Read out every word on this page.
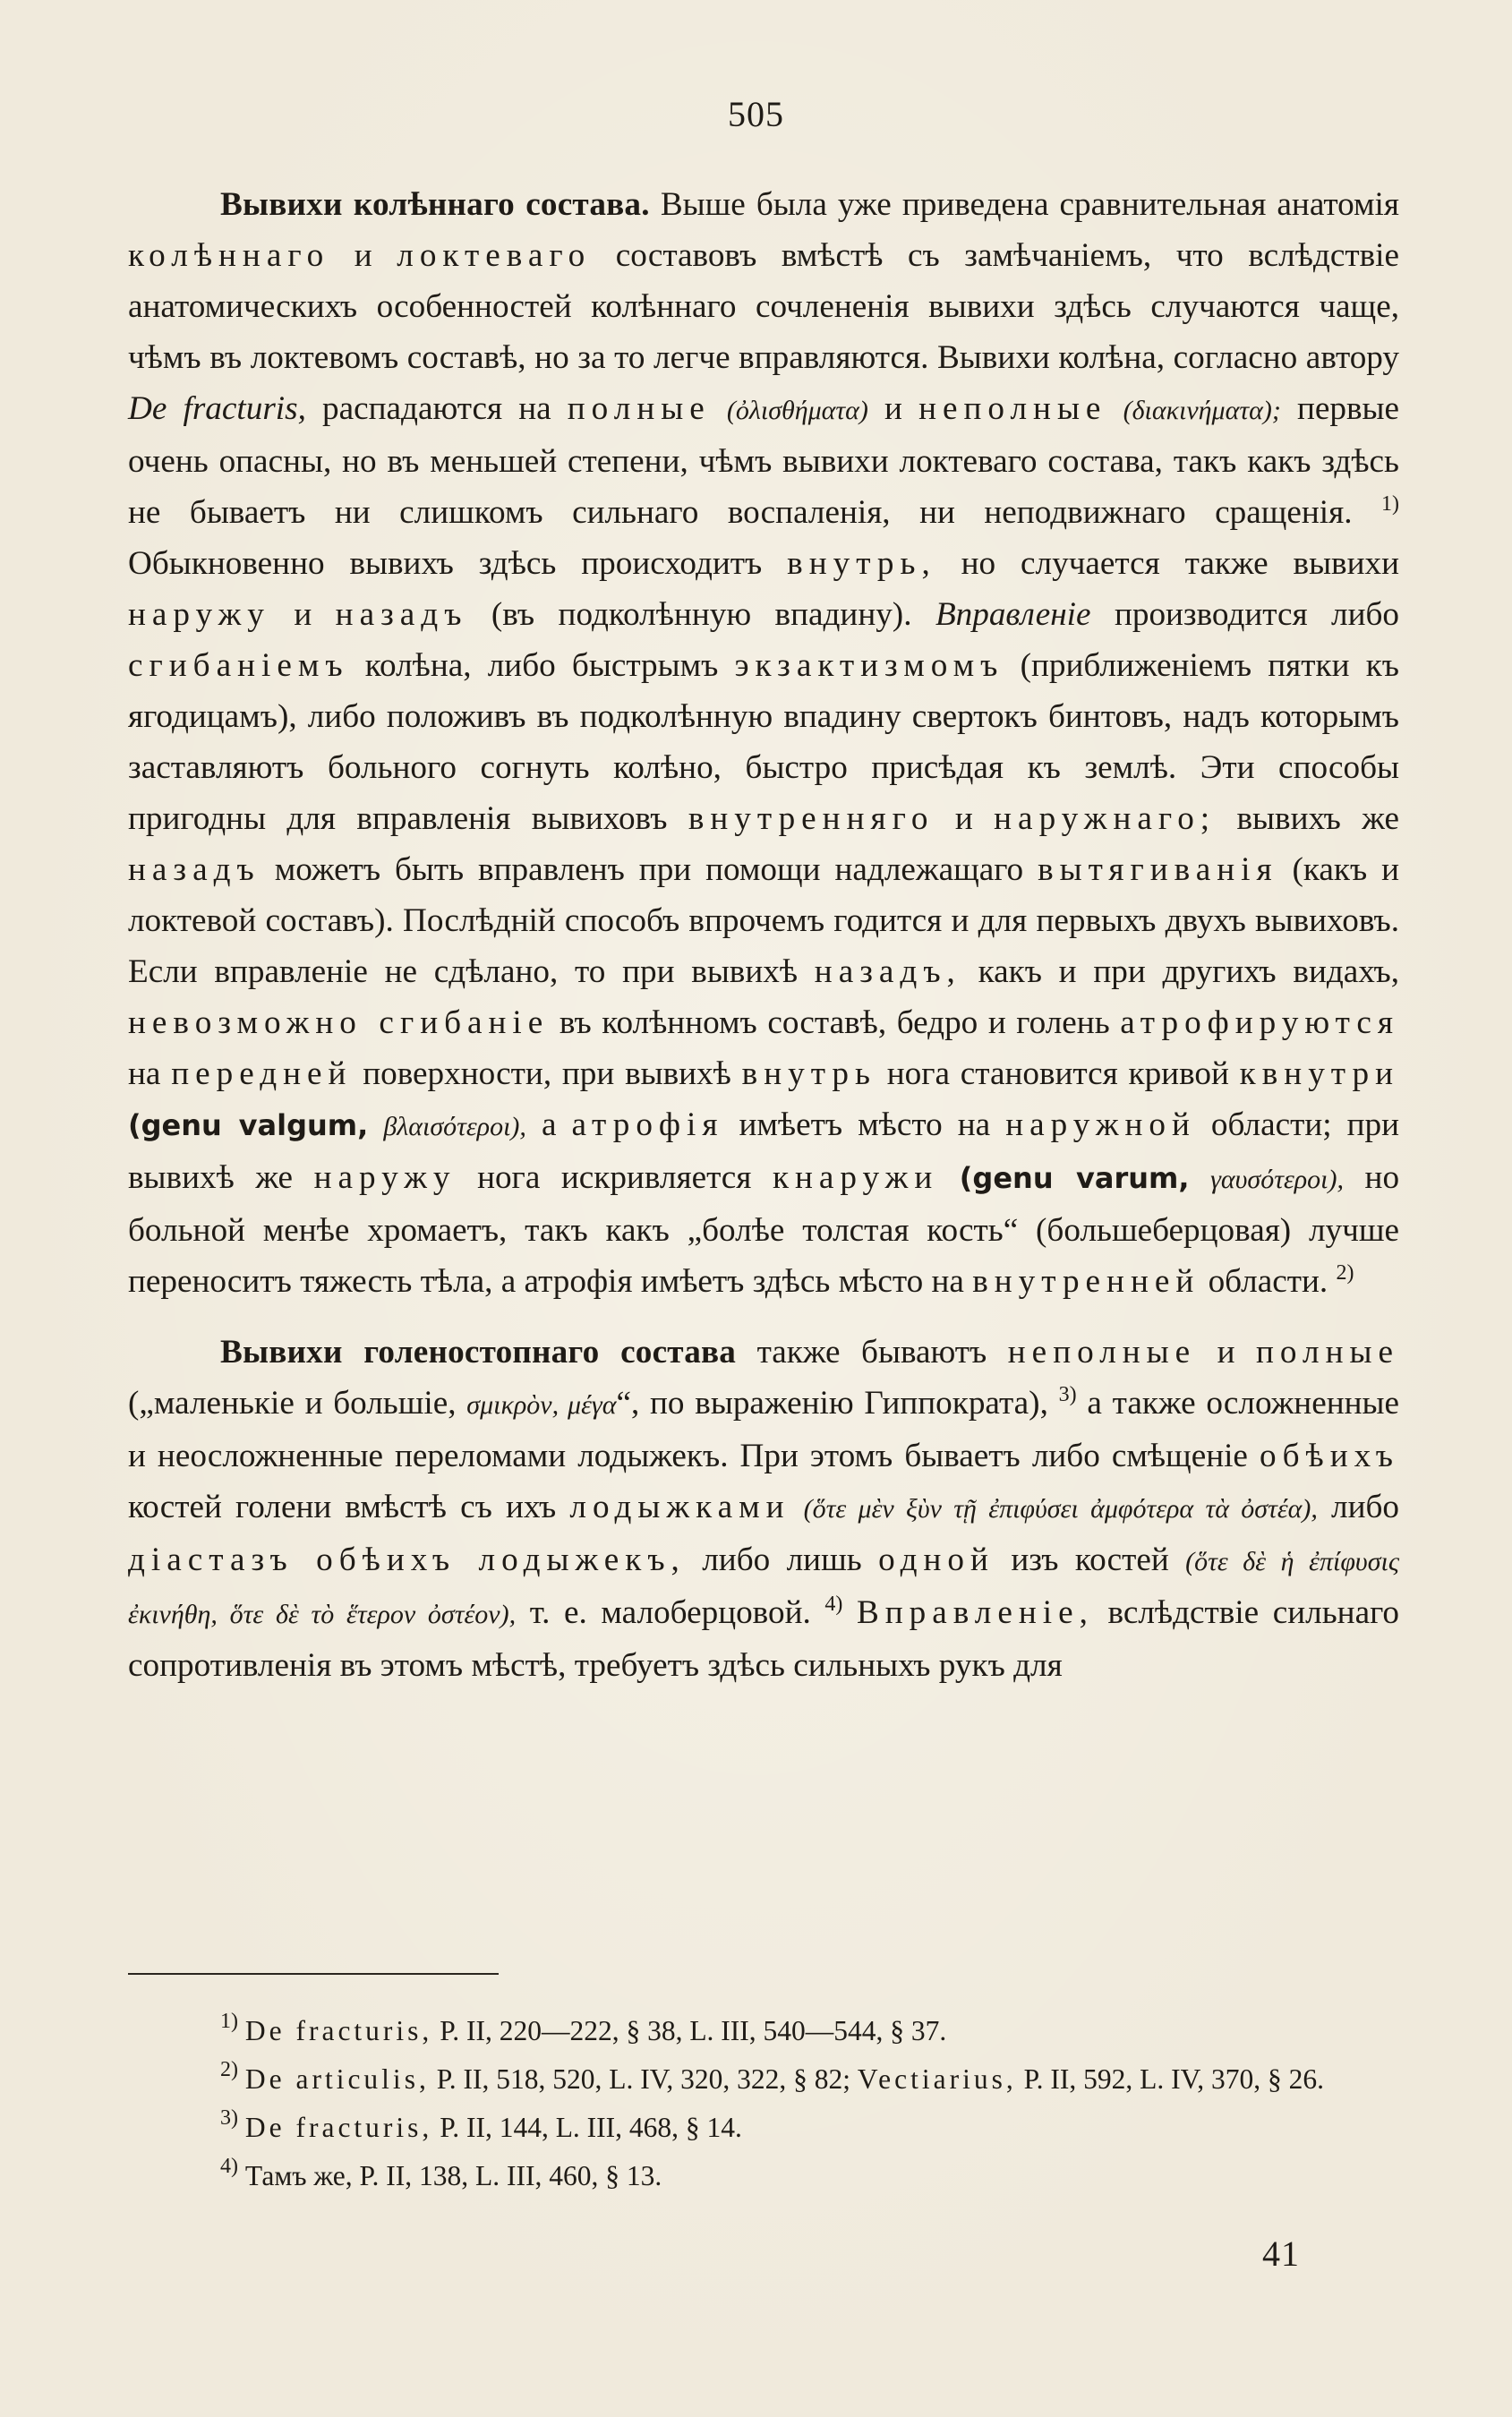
505

Вывихи колѣннаго состава. Выше была уже приведена сравнительная анатомія колѣннаго и локтеваго составовъ вмѣстѣ съ замѣчаніемъ, что вслѣдствіе анатомическихъ особенностей колѣннаго сочлененія вывихи здѣсь случаются чаще, чѣмъ въ локтевомъ составѣ, но за то легче вправляются. Вывихи колѣна, согласно автору De fracturis, распадаются на полные (ὀλισθήματα) и неполные (διακινήματα); первые очень опасны, но въ меньшей степени, чѣмъ вывихи локтеваго состава, такъ какъ здѣсь не бываетъ ни слишкомъ сильнаго воспаленія, ни неподвижнаго сращенія. $^{1)}$ Обыкновенно вывихъ здѣсь происходитъ внутрь, но случается также вывихи наружу и назадъ (въ подколѣнную впадину). Вправленіе производится либо сгибаніемъ колѣна, либо быстрымъ экзактизмомъ (приближеніемъ пятки къ ягодицамъ), либо положивъ въ подколѣнную впадину свертокъ бинтовъ, надъ которымъ заставляютъ больного согнуть колѣно, быстро присѣдая къ землѣ. Эти способы пригодны для вправленія вывиховъ внутренняго и наружнаго; вывихъ же назадъ можетъ быть вправленъ при помощи надлежащаго вытягиванія (какъ и локтевой составъ). Послѣдній способъ впрочемъ годится и для первыхъ двухъ вывиховъ. Если вправленіе не сдѣлано, то при вывихѣ назадъ, какъ и при другихъ видахъ, невозможно сгибаніе въ колѣнномъ составѣ, бедро и голень атрофируются на передней поверхности, при вывихѣ внутрь нога становится кривой квнутри (genu valgum, βλαισότεροι), а атрофія имѣетъ мѣсто на наружной области; при вывихѣ же наружу нога искривляется кнаружи (genu varum, γαυσότεροι), но больной менѣе хромаетъ, такъ какъ „болѣе толстая кость“ (большеберцовая) лучше переноситъ тяжесть тѣла, а атрофія имѣетъ здѣсь мѣсто на внутренней области. $^{2)}$

Вывихи голеностопнаго состава также бываютъ неполные и полные („маленькіе и большіе, σμικρὸν, μέγα“, по выраженію Гиппократа), $^{3)}$ а также осложненные и неосложненные переломами лодыжекъ. При этомъ бываетъ либо смѣщеніе обѣихъ костей голени вмѣстѣ съ ихъ лодыжками (ὅτε μὲν ξὺν τῇ ἐπιφύσει ἀμφότερα τὰ ὀστέα), либо діастазъ обѣихъ лодыжекъ, либо лишь одной изъ костей (ὅτε δὲ ἡ ἐπίφυσις ἐκινήθη, ὅτε δὲ τὸ ἕτερον ὀστέον), т. е. малоберцовой. $^{4)}$ Вправленіе, вслѣдствіе сильнаго сопротивленія въ этомъ мѣстѣ, требуетъ здѣсь сильныхъ рукъ для

$^{1)}$ De fracturis, P. II, 220—222, § 38, L. III, 540—544, § 37.

$^{2)}$ De articulis, P. II, 518, 520, L. IV, 320, 322, § 82; Vectiarius, P. II, 592, L. IV, 370, § 26.

$^{3)}$ De fracturis, P. II, 144, L. III, 468, § 14.

$^{4)}$ Тамъ же, P. II, 138, L. III, 460, § 13.

41
